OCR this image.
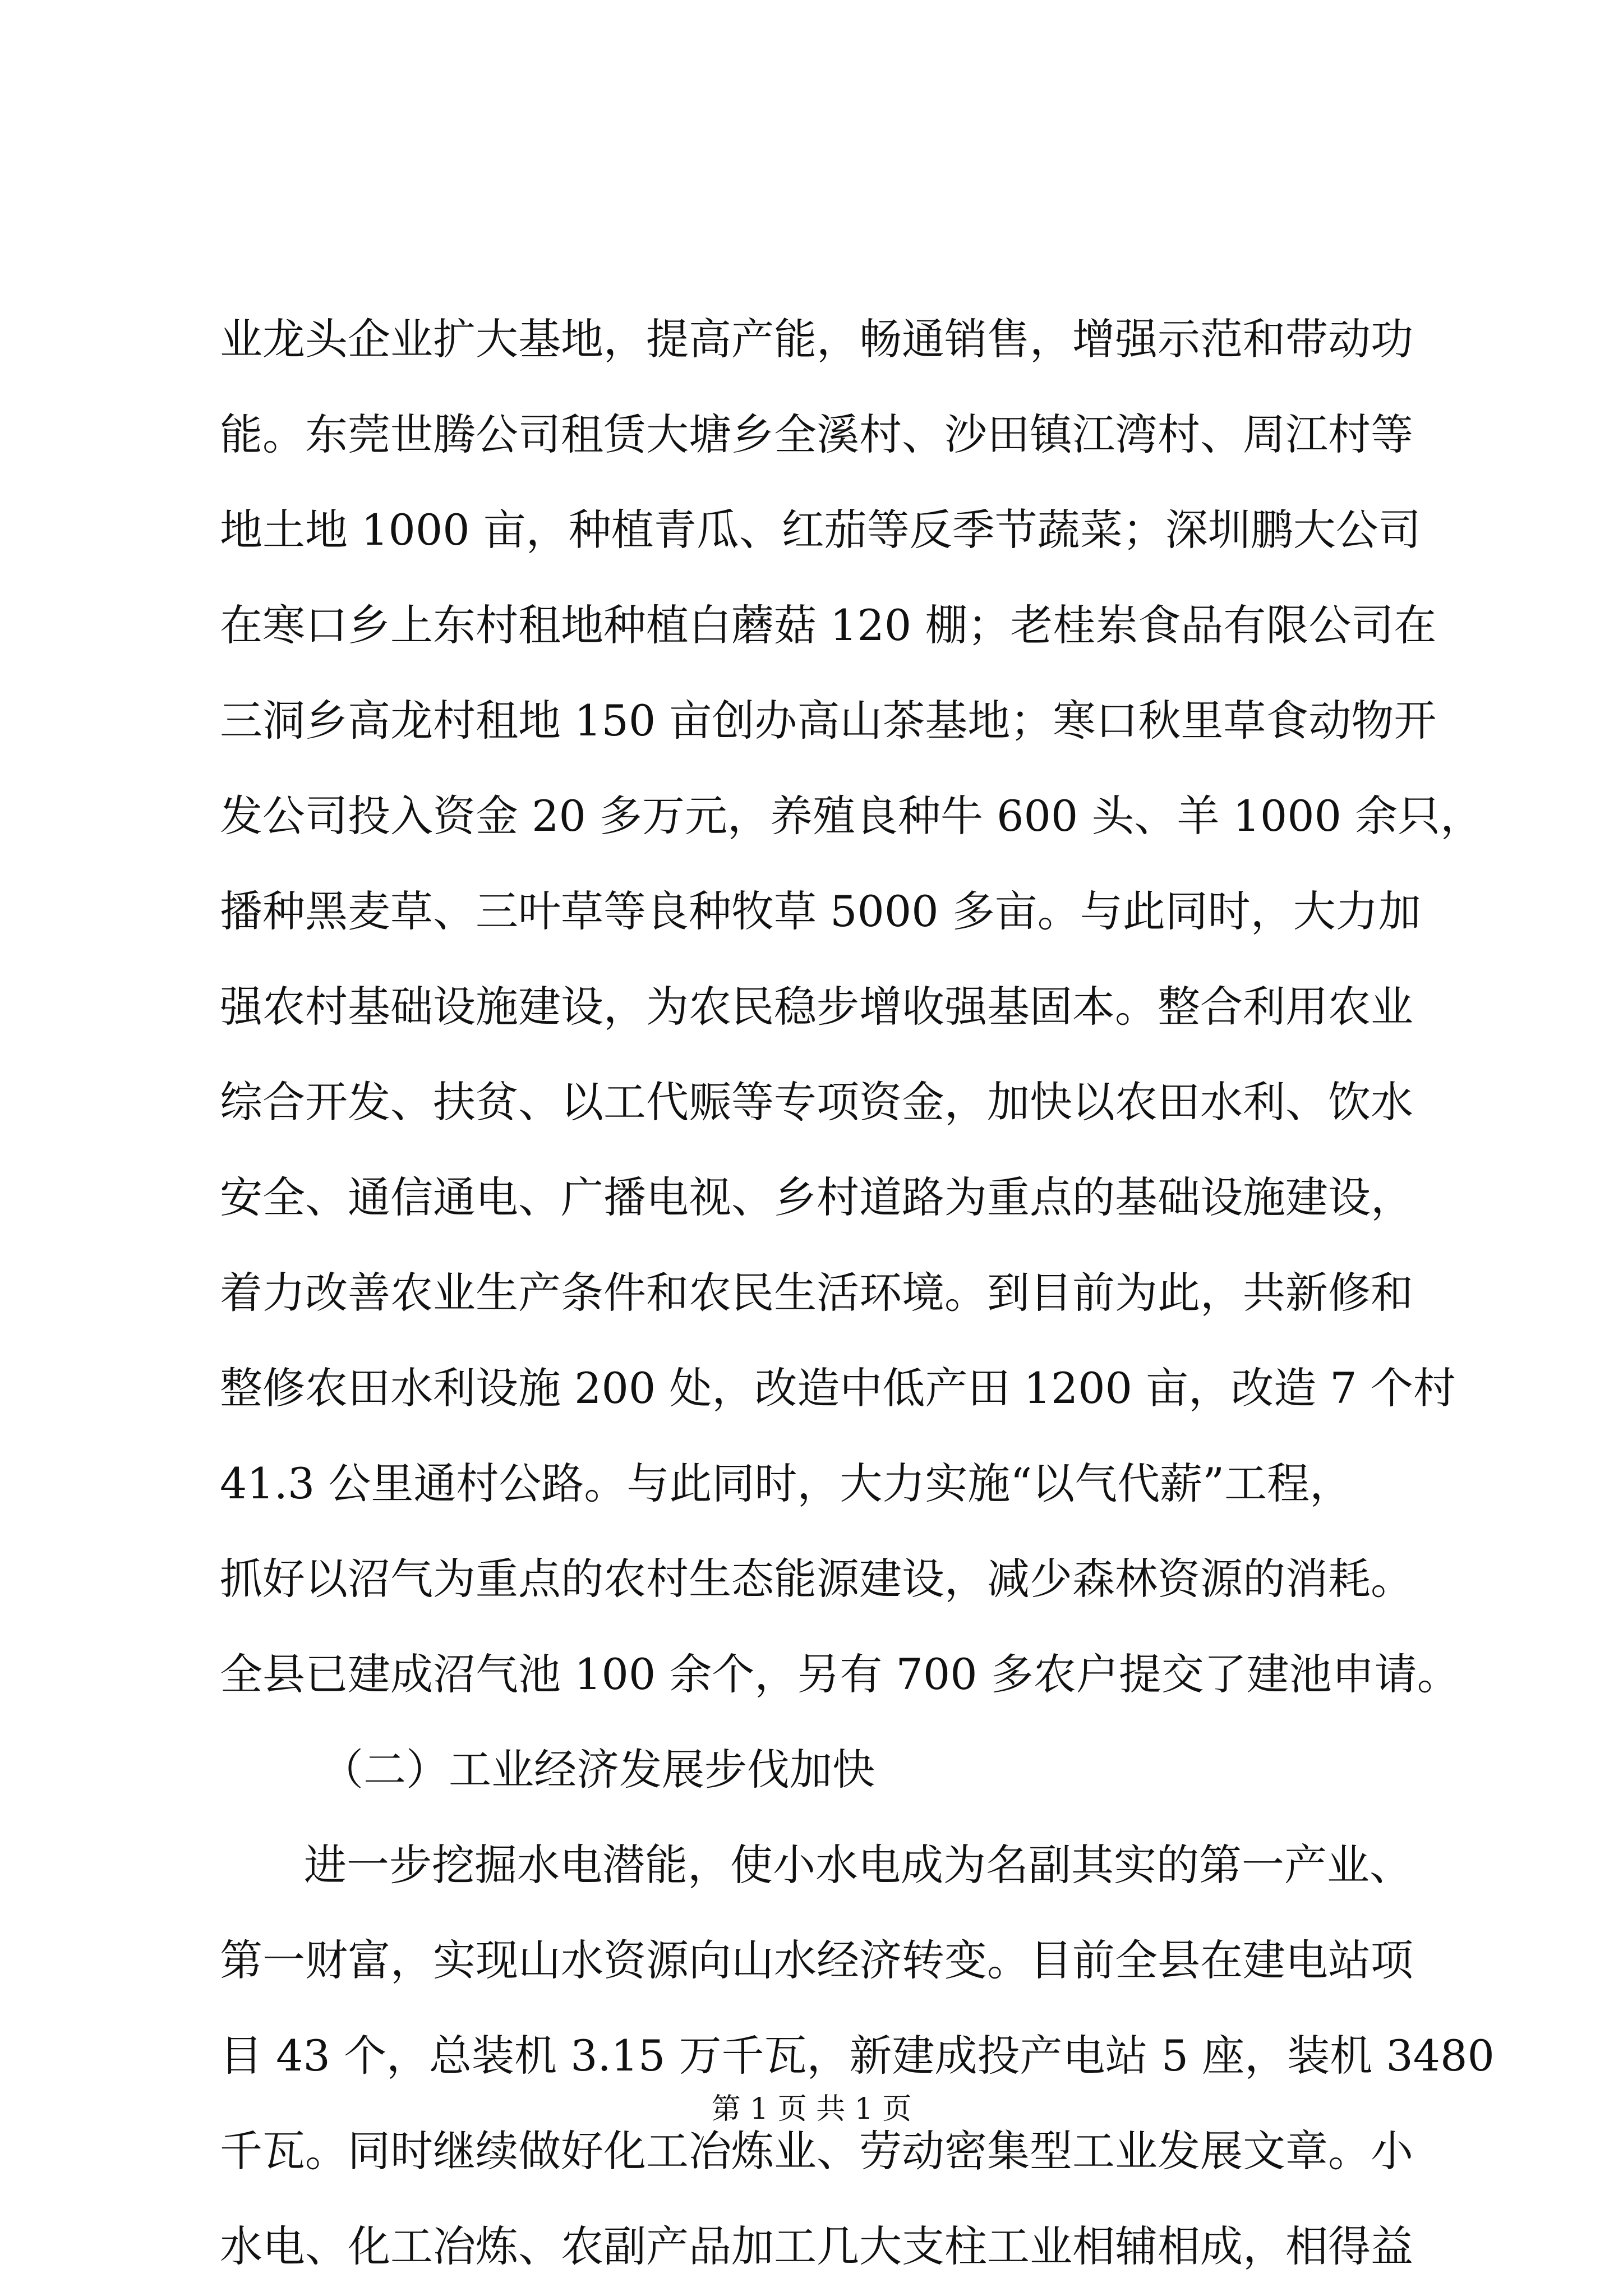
业龙头企业扩大基地，提高产能，畅通销售，增强示范和带动功
能。东莞世腾公司租赁大塘乡全溪村、沙田镇江湾村、周江村等
地土地 1000 亩，种植青瓜、红茄等反季节蔬菜；深圳鹏大公司
在寒口乡上东村租地种植白蘑菇 120 棚；老桂岽食品有限公司在
三洞乡高龙村租地 150 亩创办高山茶基地；寒口秋里草食动物开
发公司投入资金 20 多万元，养殖良种牛 600 头、羊 1000 余只，
播种黑麦草、三叶草等良种牧草 5000 多亩。与此同时，大力加
强农村基础设施建设，为农民稳步增收强基固本。整合利用农业
综合开发、扶贫、以工代赈等专项资金，加快以农田水利、饮水
安全、通信通电、广播电视、乡村道路为重点的基础设施建设，
着力改善农业生产条件和农民生活环境。到目前为此，共新修和
整修农田水利设施 200 处，改造中低产田 1200 亩，改造 7 个村
41.3 公里通村公路。与此同时，大力实施“以气代薪”工程，
抓好以沼气为重点的农村生态能源建设，减少森林资源的消耗。
全县已建成沼气池 100 余个，另有 700 多农户提交了建池申请。
（二）工业经济发展步伐加快
进一步挖掘水电潜能，使小水电成为名副其实的第一产业、
第一财富，实现山水资源向山水经济转变。目前全县在建电站项
目 43 个，总装机 3.15 万千瓦，新建成投产电站 5 座，装机 3480
千瓦。同时继续做好化工冶炼业、劳动密集型工业发展文章。小
水电、化工冶炼、农副产品加工几大支柱工业相辅相成，相得益
第 1 页 共 1 页
